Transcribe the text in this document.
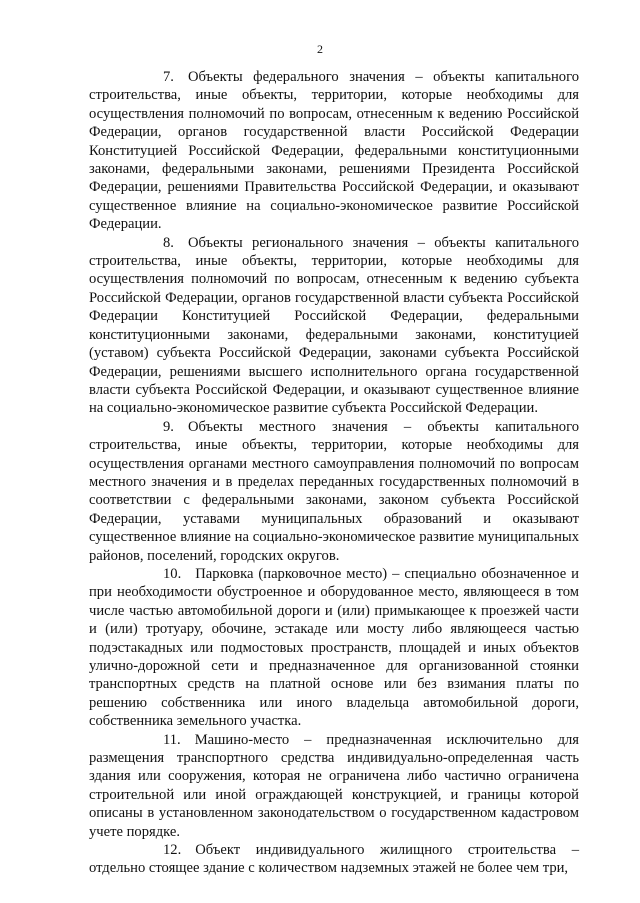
2

7. Объекты федерального значения – объекты капитального строительства, иные объекты, территории, которые необходимы для осуществления полномочий по вопросам, отнесенным к ведению Российской Федерации, органов государственной власти Российской Федерации Конституцией Российской Федерации, федеральными конституционными законами, федеральными законами, решениями Президента Российской Федерации, решениями Правительства Российской Федерации, и оказывают существенное влияние на социально-экономическое развитие Российской Федерации.

8. Объекты регионального значения – объекты капитального строительства, иные объекты, территории, которые необходимы для осуществления полномочий по вопросам, отнесенным к ведению субъекта Российской Федерации, органов государственной власти субъекта Российской Федерации Конституцией Российской Федерации, федеральными конституционными законами, федеральными законами, конституцией (уставом) субъекта Российской Федерации, законами субъекта Российской Федерации, решениями высшего исполнительного органа государственной власти субъекта Российской Федерации, и оказывают существенное влияние на социально-экономическое развитие субъекта Российской Федерации.

9. Объекты местного значения – объекты капитального строительства, иные объекты, территории, которые необходимы для осуществления органами местного самоуправления полномочий по вопросам местного значения и в пределах переданных государственных полномочий в соответствии с федеральными законами, законом субъекта Российской Федерации, уставами муниципальных образований и оказывают существенное влияние на социально-экономическое развитие муниципальных районов, поселений, городских округов.

10. Парковка (парковочное место) – специально обозначенное и при необходимости обустроенное и оборудованное место, являющееся в том числе частью автомобильной дороги и (или) примыкающее к проезжей части и (или) тротуару, обочине, эстакаде или мосту либо являющееся частью подэстакадных или подмостовых пространств, площадей и иных объектов улично-дорожной сети и предназначенное для организованной стоянки транспортных средств на платной основе или без взимания платы по решению собственника или иного владельца автомобильной дороги, собственника земельного участка.

11. Машино-место – предназначенная исключительно для размещения транспортного средства индивидуально-определенная часть здания или сооружения, которая не ограничена либо частично ограничена строительной или иной ограждающей конструкцией, и границы которой описаны в установленном законодательством о государственном кадастровом учете порядке.

12. Объект индивидуального жилищного строительства – отдельно стоящее здание с количеством надземных этажей не более чем три,
